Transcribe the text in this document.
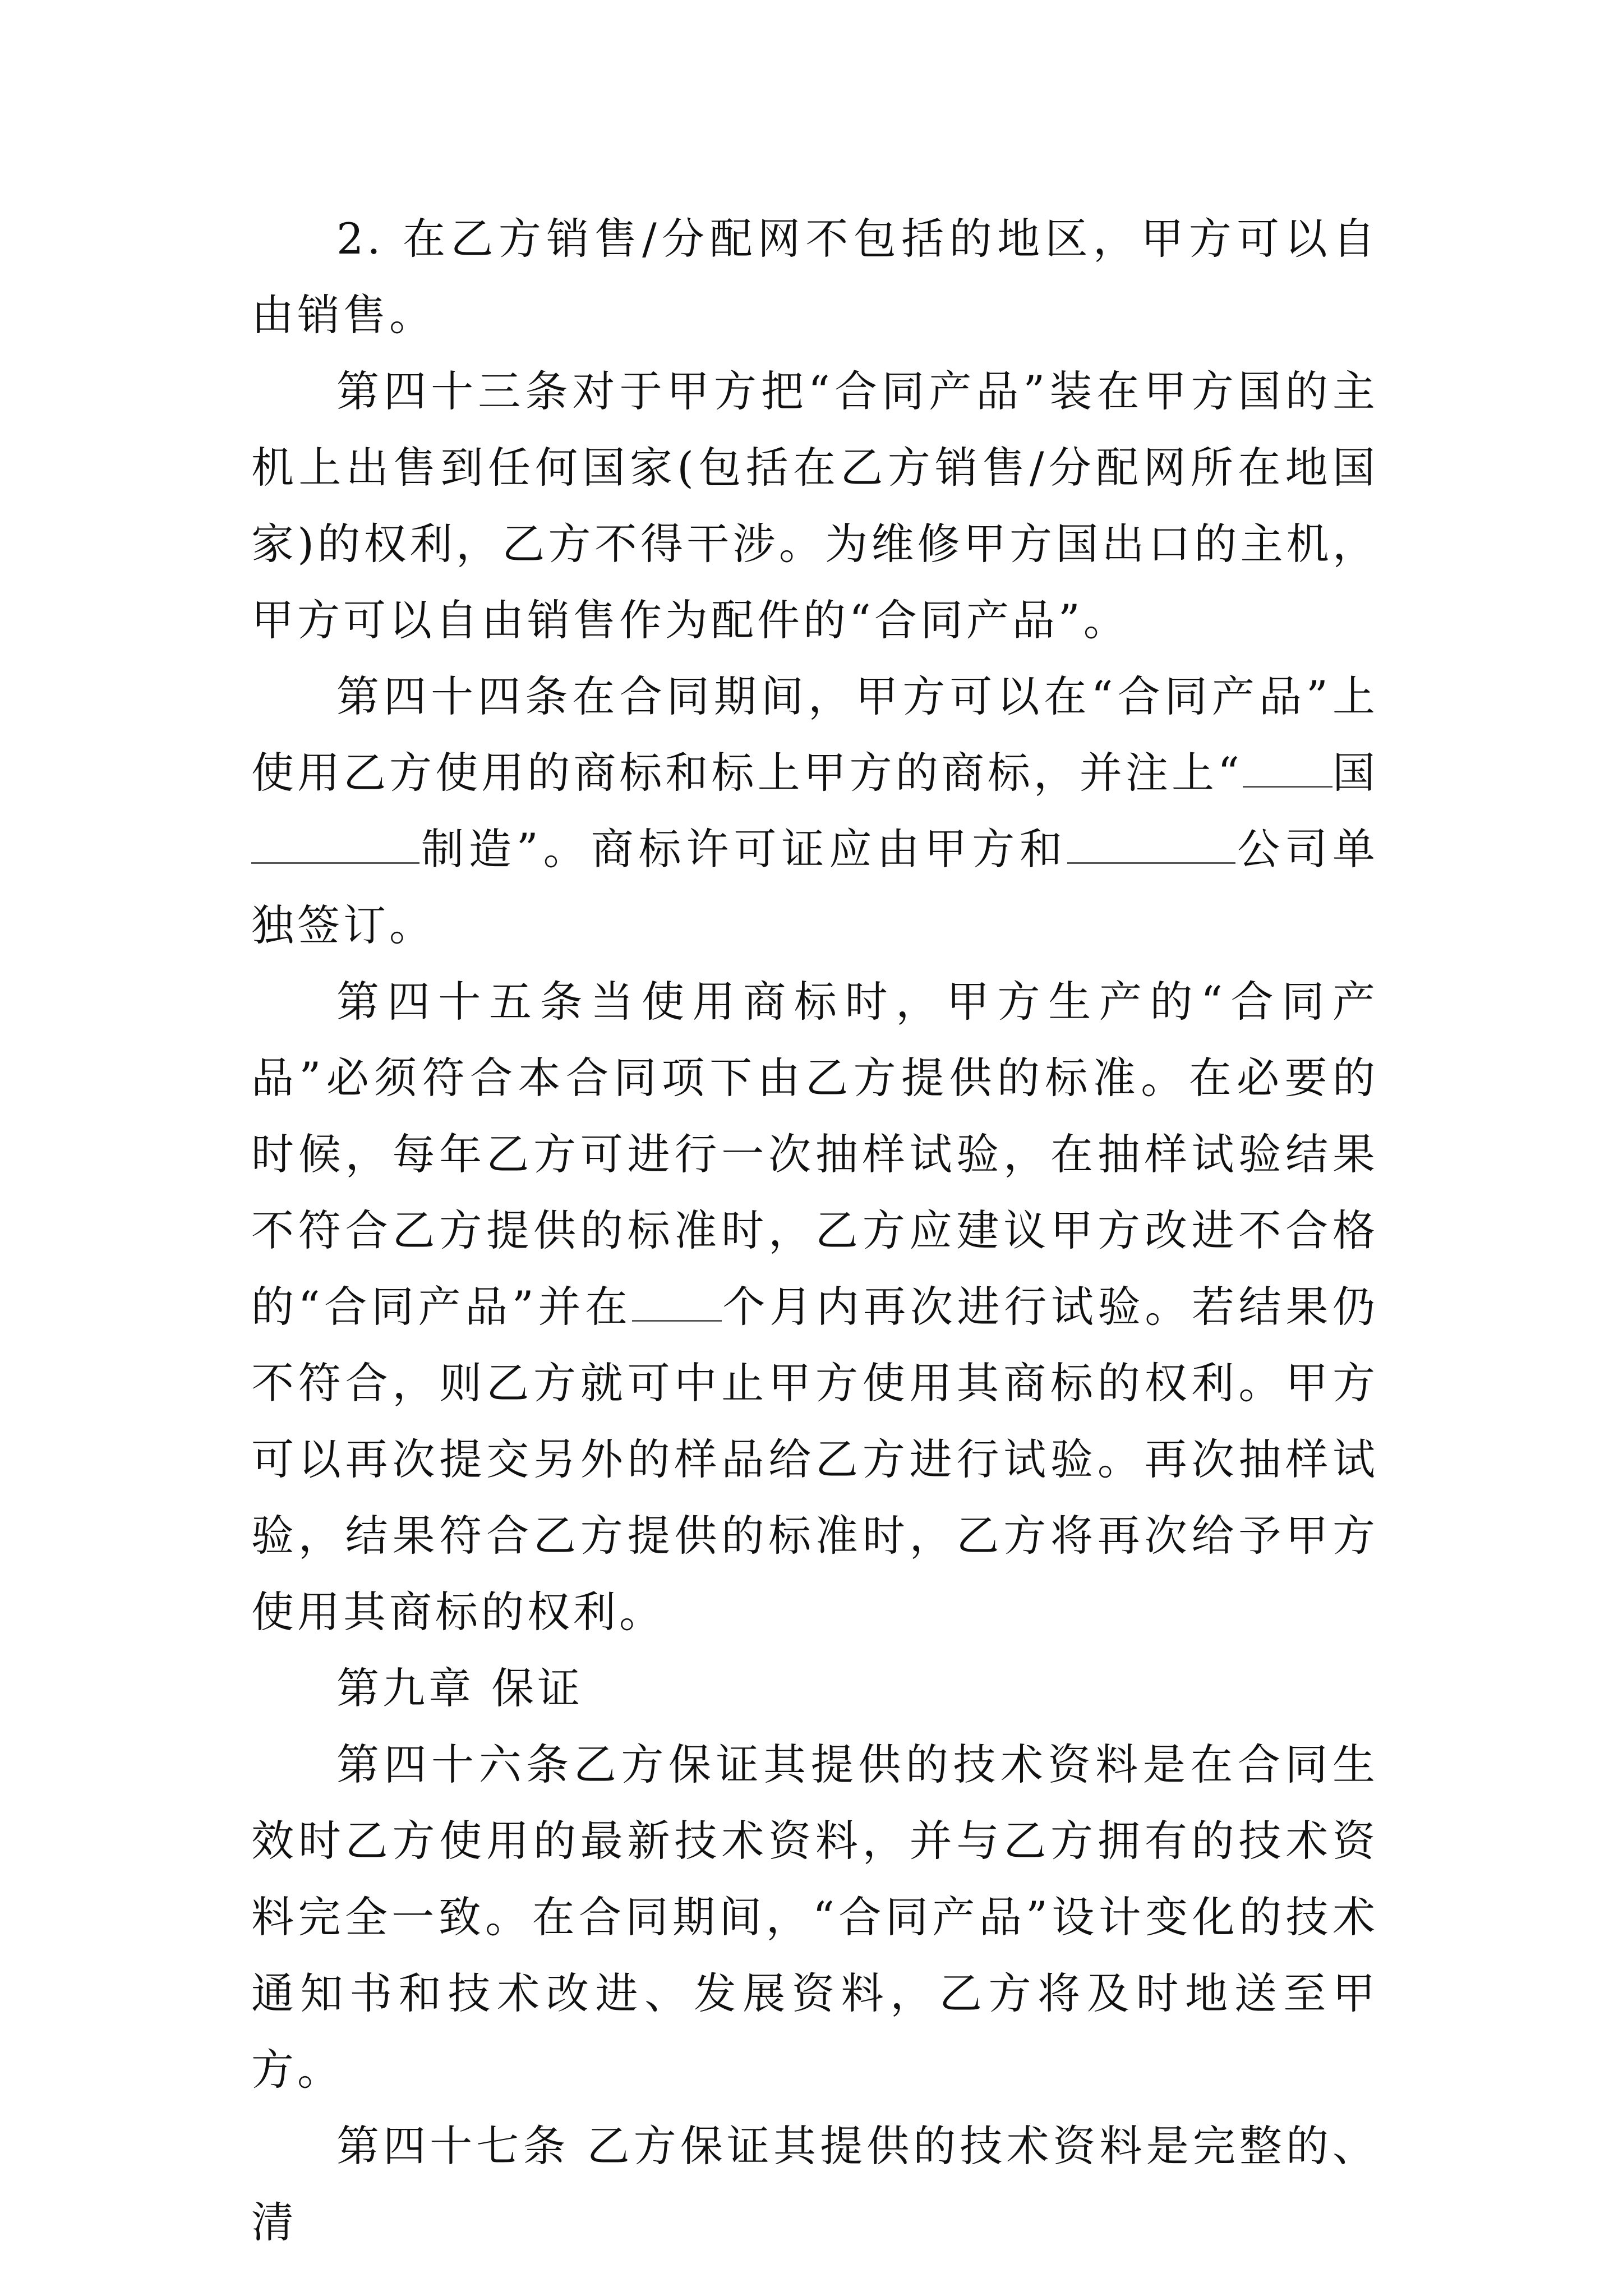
2. 在乙方销售/分配网不包括的地区，甲方可以自由销售。

第四十三条对于甲方把“合同产品”装在甲方国的主机上出售到任何国家(包括在乙方销售/分配网所在地国家)的权利，乙方不得干涉。为维修甲方国出口的主机，甲方可以自由销售作为配件的“合同产品”。

第四十四条在合同期间，甲方可以在“合同产品”上使用乙方使用的商标和标上甲方的商标，并注上“ 国制造”。商标许可证应由甲方和	公司单独签订。

第四十五条当使用商标时，甲方生产的“合同产品”必须符合本合同项下由乙方提供的标准。在必要的时候，每年乙方可进行一次抽样试验，在抽样试验结果不符合乙方提供的标准时，乙方应建议甲方改进不合格的“合同产品”并在 个月内再次进行试验。若结果仍不符合，则乙方就可中止甲方使用其商标的权利。甲方可以再次提交另外的样品给乙方进行试验。再次抽样试验，结果符合乙方提供的标准时，乙方将再次给予甲方使用其商标的权利。

第九章 保证

第四十六条乙方保证其提供的技术资料是在合同生效时乙方使用的最新技术资料，并与乙方拥有的技术资料完全一致。在合同期间，“合同产品”设计变化的技术通知书和技术改进、发展资料，乙方将及时地送至甲方。

第四十七条 乙方保证其提供的技术资料是完整的、清
